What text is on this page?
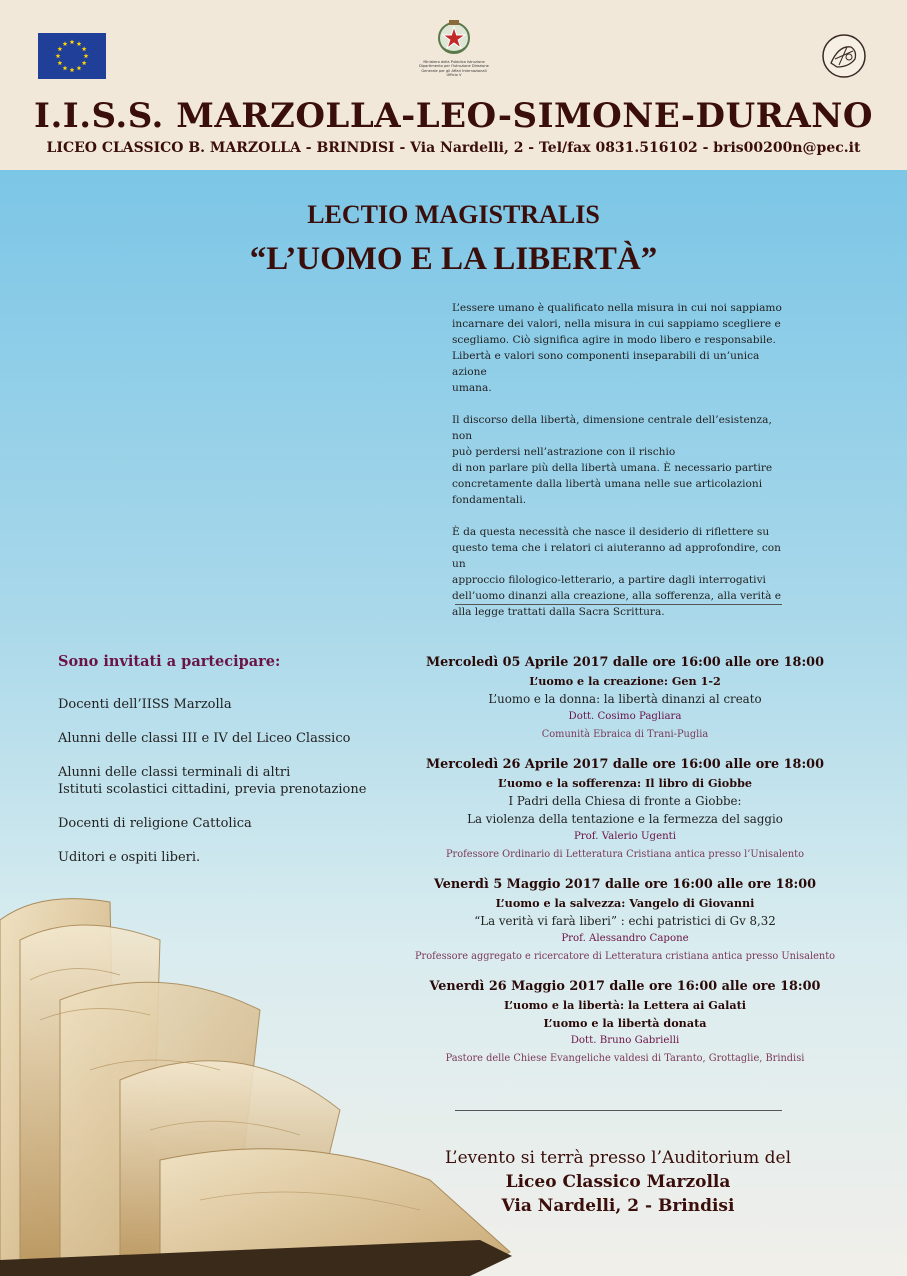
Ministero della Pubblica Istruzione
Dipartimento per l'Istruzione Direzione
Generale per gli Affari Internazionali
Ufficio V
I.I.S.S. MARZOLLA-LEO-SIMONE-DURANO
LICEO CLASSICO B. MARZOLLA - BRINDISI - Via Nardelli, 2 - Tel/fax 0831.516102 - bris00200n@pec.it
LECTIO MAGISTRALIS
“L’UOMO E LA LIBERTÀ”

L’essere umano è qualificato nella misura in cui noi sappiamo
incarnare dei valori, nella misura in cui sappiamo scegliere e
scegliamo. Ciò significa agire in modo libero e responsabile.
Libertà e valori sono componenti inseparabili di un’unica azione
umana.

Il discorso della libertà, dimensione centrale dell’esistenza, non
può perdersi nell’astrazione con il rischio
di non parlare più della libertà umana. È necessario partire
concretamente dalla libertà umana nelle sue articolazioni
fondamentali.

È da questa necessità che nasce il desiderio di riflettere su
questo tema che i relatori ci aiuteranno ad approfondire, con un
approccio filologico-letterario, a partire dagli interrogativi
dell’uomo dinanzi alla creazione, alla sofferenza, alla verità e
alla legge trattati dalla Sacra Scrittura.

Sono invitati a partecipare:
Docenti dell’IISS Marzolla
Alunni delle classi III e IV del Liceo Classico
Alunni delle classi terminali di altri
Istituti scolastici cittadini, previa prenotazione
Docenti di religione Cattolica
Uditori e ospiti liberi.
Mercoledì 05 Aprile 2017 dalle ore 16:00 alle ore 18:00
L’uomo e la creazione: Gen 1-2
L’uomo e la donna: la libertà dinanzi al creato
Dott. Cosimo Pagliara
Comunità Ebraica di Trani-Puglia
Mercoledì 26 Aprile 2017 dalle ore 16:00 alle ore 18:00
L’uomo e la sofferenza: Il libro di Giobbe
I Padri della Chiesa di fronte a Giobbe:
La violenza della tentazione e la fermezza del saggio
Prof. Valerio Ugenti
Professore Ordinario di Letteratura Cristiana antica presso l’Unisalento
Venerdì 5 Maggio 2017 dalle ore 16:00 alle ore 18:00
L’uomo e la salvezza: Vangelo di Giovanni
“La verità vi farà liberi” : echi patristici di Gv 8,32
Prof. Alessandro Capone
Professore aggregato e ricercatore di Letteratura cristiana antica presso Unisalento
Venerdì 26 Maggio 2017 dalle ore 16:00 alle ore 18:00
L’uomo e la libertà: la Lettera ai Galati
L’uomo e la libertà donata
Dott. Bruno Gabrielli
Pastore delle Chiese Evangeliche valdesi di Taranto, Grottaglie, Brindisi
L’evento si terrà presso l’Auditorium del
Liceo Classico Marzolla
Via Nardelli, 2 - Brindisi
